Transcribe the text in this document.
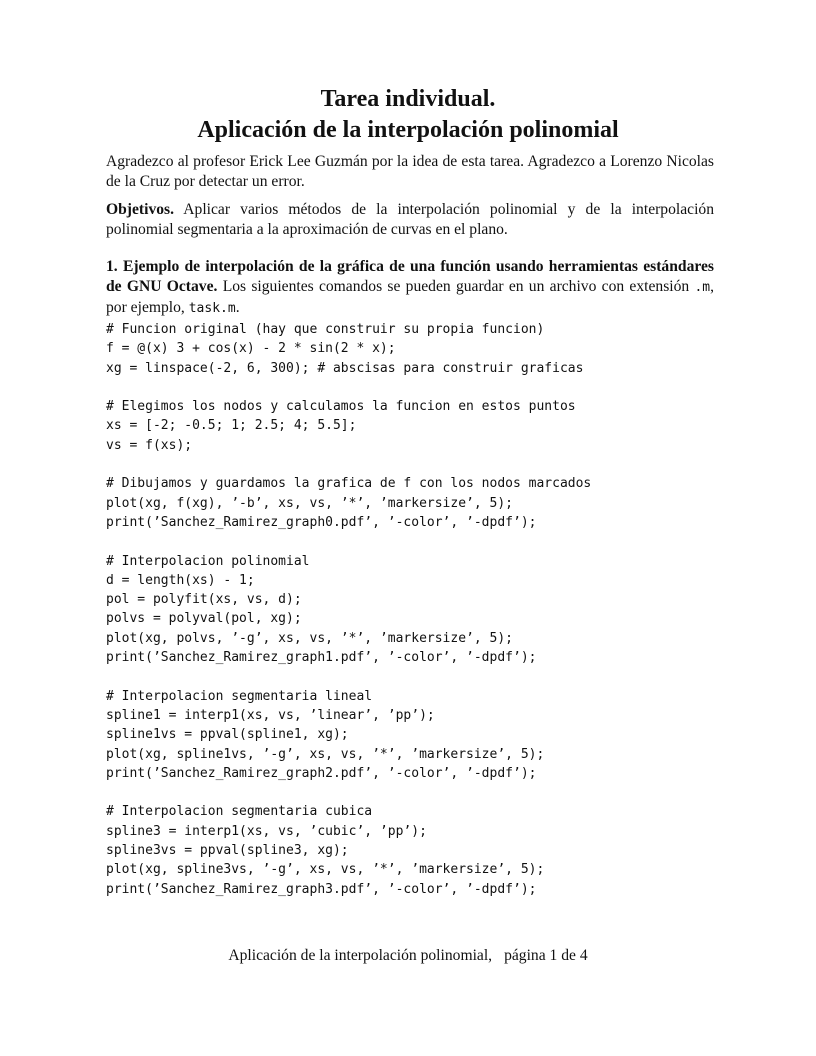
Tarea individual.
Aplicación de la interpolación polinomial

Agradezco al profesor Erick Lee Guzmán por la idea de esta tarea. Agradezco a Lorenzo Nicolas de la Cruz por detectar un error.

Objetivos. Aplicar varios métodos de la interpolación polinomial y de la interpolación polinomial segmentaria a la aproximación de curvas en el plano.

1. Ejemplo de interpolación de la gráfica de una función usando herramientas estándares de GNU Octave. Los siguientes comandos se pueden guardar en un archivo con extensión .m, por ejemplo, task.m.

# Funcion original (hay que construir su propia funcion)
f = @(x) 3 + cos(x) - 2 * sin(2 * x);
xg = linspace(-2, 6, 300); # abscisas para construir graficas
# Elegimos los nodos y calculamos la funcion en estos puntos
xs = [-2; -0.5; 1; 2.5; 4; 5.5];
vs = f(xs);
# Dibujamos y guardamos la grafica de f con los nodos marcados
plot(xg, f(xg), ’-b’, xs, vs, ’*’, ’markersize’, 5);
print(’Sanchez_Ramirez_graph0.pdf’, ’-color’, ’-dpdf’);
# Interpolacion polinomial
d = length(xs) - 1;
pol = polyfit(xs, vs, d);
polvs = polyval(pol, xg);
plot(xg, polvs, ’-g’, xs, vs, ’*’, ’markersize’, 5);
print(’Sanchez_Ramirez_graph1.pdf’, ’-color’, ’-dpdf’);
# Interpolacion segmentaria lineal
spline1 = interp1(xs, vs, ’linear’, ’pp’);
spline1vs = ppval(spline1, xg);
plot(xg, spline1vs, ’-g’, xs, vs, ’*’, ’markersize’, 5);
print(’Sanchez_Ramirez_graph2.pdf’, ’-color’, ’-dpdf’);
# Interpolacion segmentaria cubica
spline3 = interp1(xs, vs, ’cubic’, ’pp’);
spline3vs = ppval(spline3, xg);
plot(xg, spline3vs, ’-g’, xs, vs, ’*’, ’markersize’, 5);
print(’Sanchez_Ramirez_graph3.pdf’, ’-color’, ’-dpdf’);

Aplicación de la interpolación polinomial, página 1 de 4
